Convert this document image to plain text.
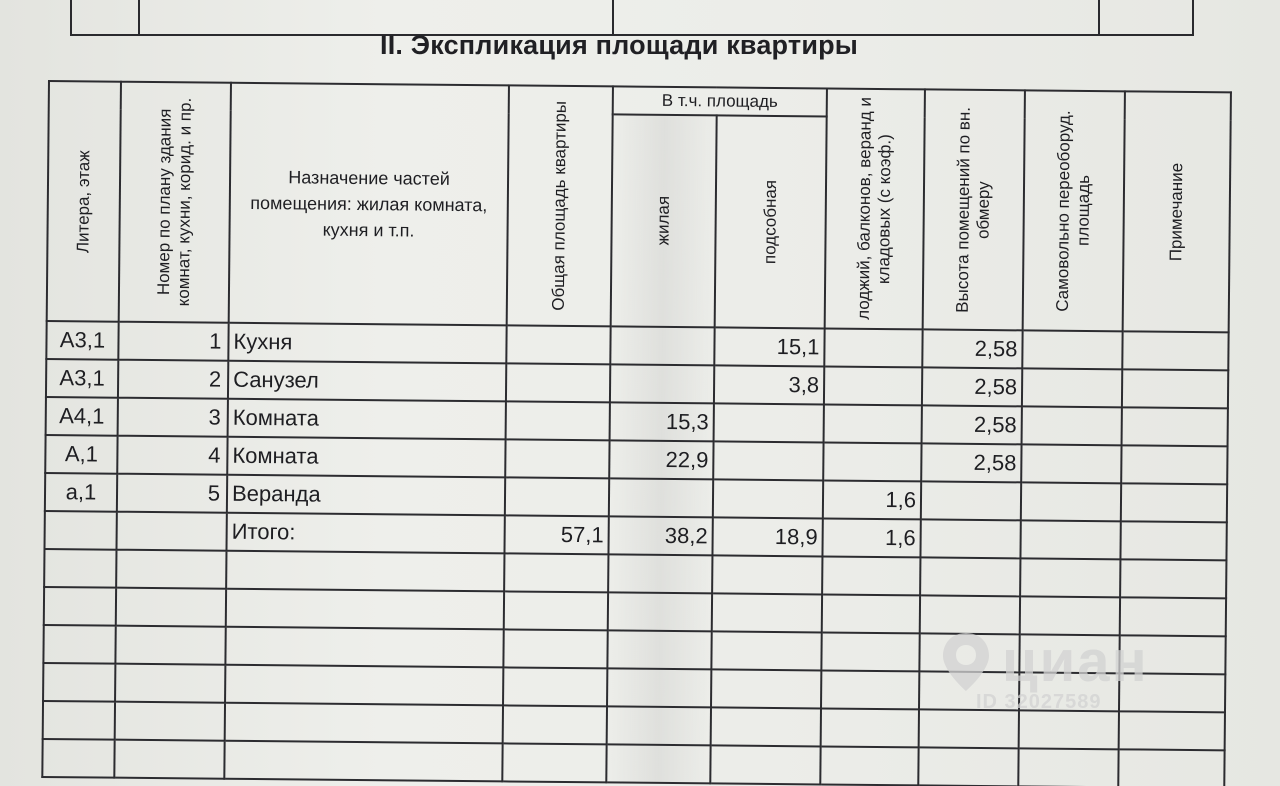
II. Экспликация площади квартиры
Литера, этаж	Номер по плану здания комнат, кухни, корид. и пр.	Назначение частей помещения: жилая комната, кухня и т.п.	Общая площадь квартиры	В т.ч. площадь		лоджий, балконов, веранд и кладовых (с коэф.)	Высота помещений по вн. обмеру	Самовольно переоборуд. площадь	Примечание

				жилая	подсобная				

А3,1	1	Кухня			15,1		2,58		
А3,1	2	Санузел			3,8		2,58		
А4,1	3	Комната		15,3			2,58		
А,1	4	Комната		22,9			2,58		
а,1	5	Веранда				1,6			
		Итого:	57,1	38,2	18,9	1,6			

циан
ID 32027589
